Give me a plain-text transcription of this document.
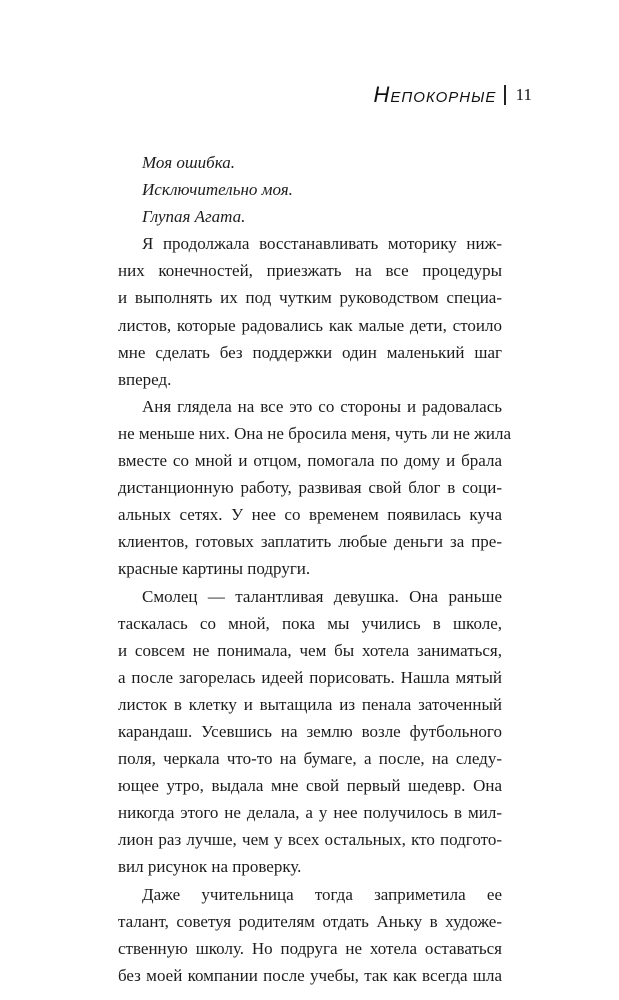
Непокорные 11
Моя ошибка.
Исключительно моя.
Глупая Агата.
Я продолжала восстанавливать моторику ниж-
них конечностей, приезжать на все процедуры
и выполнять их под чутким руководством специа-
листов, которые радовались как малые дети, стоило
мне сделать без поддержки один маленький шаг
вперед.
Аня глядела на все это со стороны и радовалась
не меньше них. Она не бросила меня, чуть ли не жила
вместе со мной и отцом, помогала по дому и брала
дистанционную работу, развивая свой блог в соци-
альных сетях. У нее со временем появилась куча
клиентов, готовых заплатить любые деньги за пре-
красные картины подруги.
Смолец — талантливая девушка. Она раньше
таскалась со мной, пока мы учились в школе,
и совсем не понимала, чем бы хотела заниматься,
а после загорелась идеей порисовать. Нашла мятый
листок в клетку и вытащила из пенала заточенный
карандаш. Усевшись на землю возле футбольного
поля, черкала что-то на бумаге, а после, на следу-
ющее утро, выдала мне свой первый шедевр. Она
никогда этого не делала, а у нее получилось в мил-
лион раз лучше, чем у всех остальных, кто подгото-
вил рисунок на проверку.
Даже учительница тогда заприметила ее
талант, советуя родителям отдать Аньку в художе-
ственную школу. Но подруга не хотела оставаться
без моей компании после учебы, так как всегда шла
